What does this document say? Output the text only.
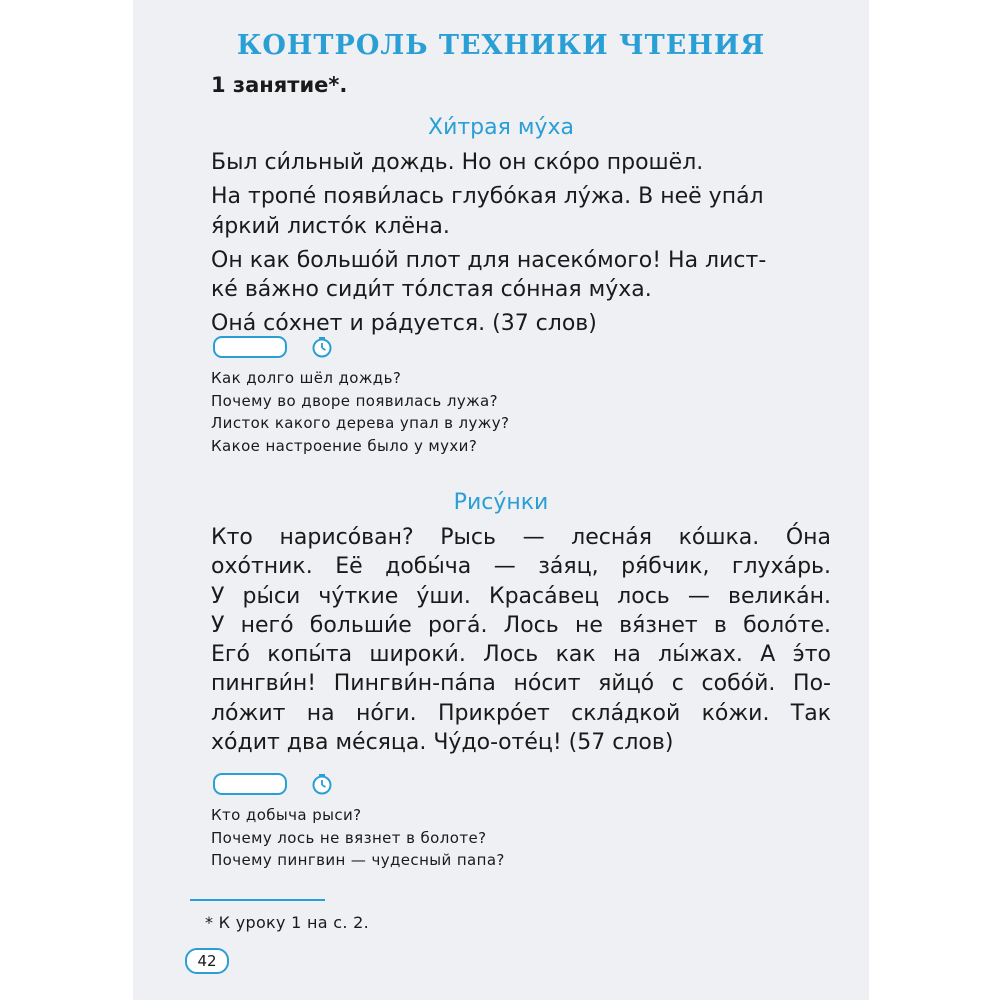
КОНТРОЛЬ ТЕХНИКИ ЧТЕНИЯ
1 занятие*.
Хи́трая му́ха
Был си́льный дождь. Но он ско́ро прошёл.
На тропе́ появи́лась глубо́кая лу́жа. В неё упа́л
я́ркий листо́к клёна.
Он как большо́й плот для насеко́мого! На лист-
ке́ ва́жно сиди́т то́лстая со́нная му́ха.
Она́ со́хнет и ра́дуется. (37 слов)
Как долго шёл дождь?
Почему во дворе появилась лужа?
Листок какого дерева упал в лужу?
Какое настроение было у мухи?
Рису́нки
Кто нарисо́ван? Рысь — лесна́я ко́шка. О́на
охо́тник. Её добы́ча — за́яц, ря́бчик, глуха́рь.
У ры́си чу́ткие у́ши. Краса́вец лось — велика́н.
У него́ больши́е рога́. Лось не вя́знет в боло́те.
Его́ копы́та широки́. Лось как на лы́жах. А э́то
пингви́н! Пингви́н-па́па но́сит яйцо́ с собо́й. По-
ло́жит на но́ги. Прикро́ет скла́дкой ко́жи. Так
хо́дит два ме́сяца. Чу́до-оте́ц! (57 слов)
Кто добыча рыси?
Почему лось не вязнет в болоте?
Почему пингвин — чудесный папа?
* К уроку 1 на с. 2.
42
